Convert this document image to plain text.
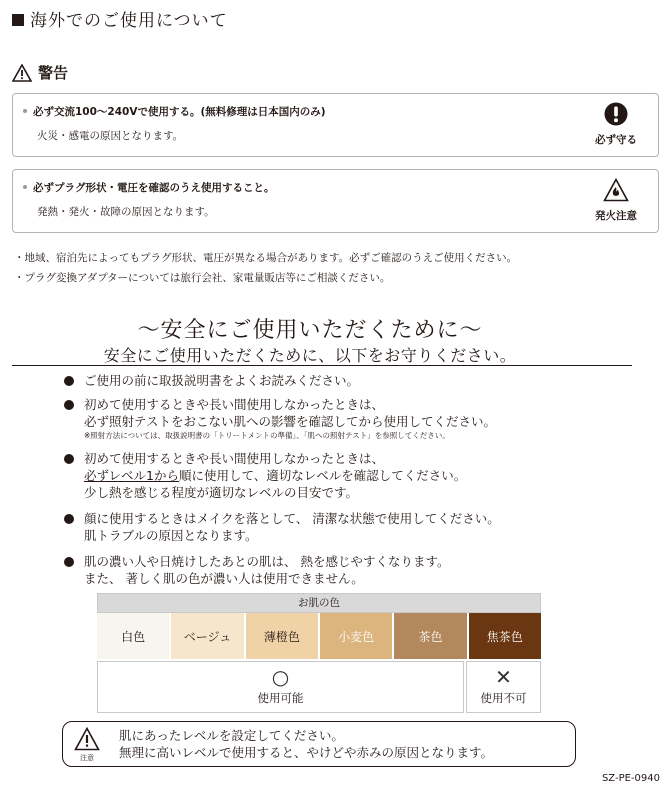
海外でのご使用について
警告
必ず交流100〜240Vで使用する。(無料修理は日本国内のみ)
火災・感電の原因となります。	必ず守る
必ずプラグ形状・電圧を確認のうえ使用すること。
発熱・発火・故障の原因となります。	発火注意
・地域、宿泊先によってもプラグ形状、電圧が異なる場合があります。必ずご確認のうえご使用ください。
・プラグ変換アダプターについては旅行会社、家電量販店等にご相談ください。
〜安全にご使用いただくために〜
安全にご使用いただくために、以下をお守りください。
ご使用の前に取扱説明書をよくお読みください。
初めて使用するときや長い間使用しなかったときは、
必ず照射テストをおこない肌への影響を確認してから使用してください。
※照射方法については、取扱説明書の「トリートメントの準備」、「肌への照射テスト」を参照してください。
初めて使用するときや長い間使用しなかったときは、
必ずレベル1から順に使用して、適切なレベルを確認してください。
少し熱を感じる程度が適切なレベルの目安です。
顔に使用するときはメイクを落として、 清潔な状態で使用してください。
肌トラブルの原因となります。
肌の濃い人や日焼けしたあとの肌は、 熱を感じやすくなります。
また、 著しく肌の色が濃い人は使用できません。
お肌の色
白色	ベージュ	薄橙色	小麦色	茶色	焦茶色
○
使用可能
✕
使用不可
注意
肌にあったレベルを設定してください。
無理に高いレベルで使用すると、やけどや赤みの原因となります。
SZ-PE-0940
